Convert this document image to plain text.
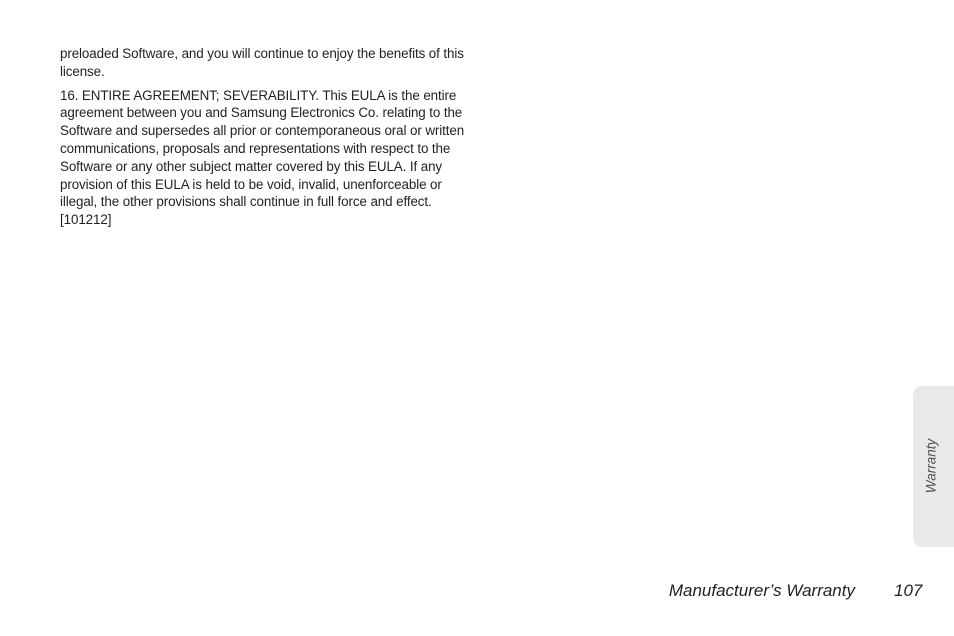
preloaded Software, and you will continue to enjoy the benefits of this license.

16. ENTIRE AGREEMENT; SEVERABILITY. This EULA is the entire agreement between you and Samsung Electronics Co. relating to the Software and supersedes all prior or contemporaneous oral or written communications, proposals and representations with respect to the Software or any other subject matter covered by this EULA. If any provision of this EULA is held to be void, invalid, unenforceable or illegal, the other provisions shall continue in full force and effect. [101212]

Warranty
Manufacturer’s Warranty 107
